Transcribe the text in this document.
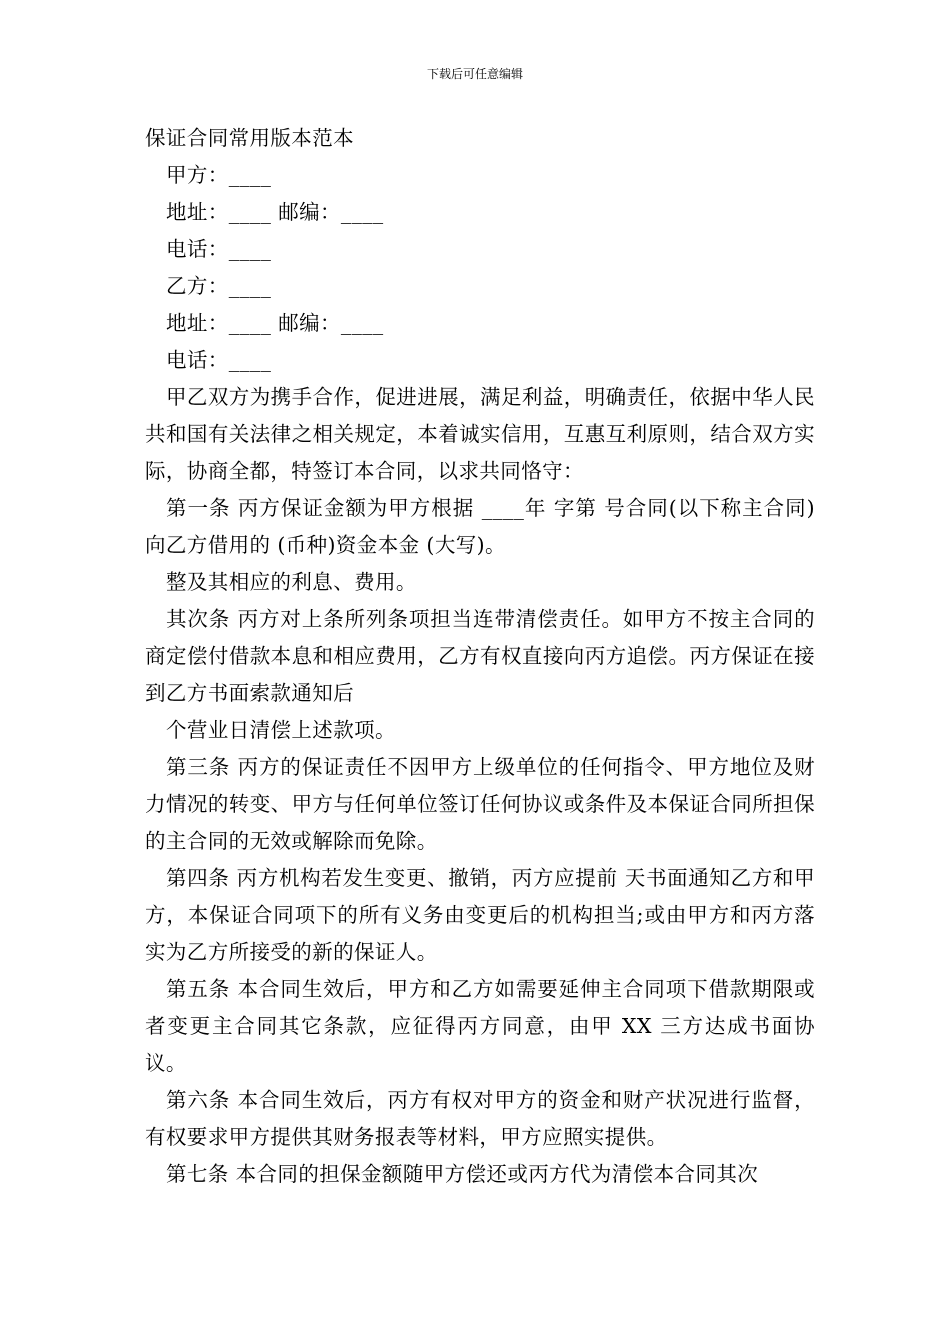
下载后可任意编辑
保证合同常用版本范本

甲方：____

地址：____ 邮编：____

电话：____

乙方：____

地址：____ 邮编：____

电话：____

甲乙双方为携手合作，促进进展，满足利益，明确责任，依据中华人民共和国有关法律之相关规定，本着诚实信用，互惠互利原则，结合双方实际，协商全都，特签订本合同，以求共同恪守：

第一条 丙方保证金额为甲方根据 ____年 字第 号合同(以下称主合同)向乙方借用的 (币种)资金本金 (大写)。

整及其相应的利息、费用。

其次条 丙方对上条所列条项担当连带清偿责任。如甲方不按主合同的商定偿付借款本息和相应费用，乙方有权直接向丙方追偿。丙方保证在接到乙方书面索款通知后

个营业日清偿上述款项。

第三条 丙方的保证责任不因甲方上级单位的任何指令、甲方地位及财力情况的转变、甲方与任何单位签订任何协议或条件及本保证合同所担保的主合同的无效或解除而免除。

第四条 丙方机构若发生变更、撤销，丙方应提前 天书面通知乙方和甲方，本保证合同项下的所有义务由变更后的机构担当;或由甲方和丙方落实为乙方所接受的新的保证人。

第五条 本合同生效后，甲方和乙方如需要延伸主合同项下借款期限或者变更主合同其它条款，应征得丙方同意，由甲 XX 三方达成书面协议。

第六条 本合同生效后，丙方有权对甲方的资金和财产状况进行监督，有权要求甲方提供其财务报表等材料，甲方应照实提供。

第七条 本合同的担保金额随甲方偿还或丙方代为清偿本合同其次
